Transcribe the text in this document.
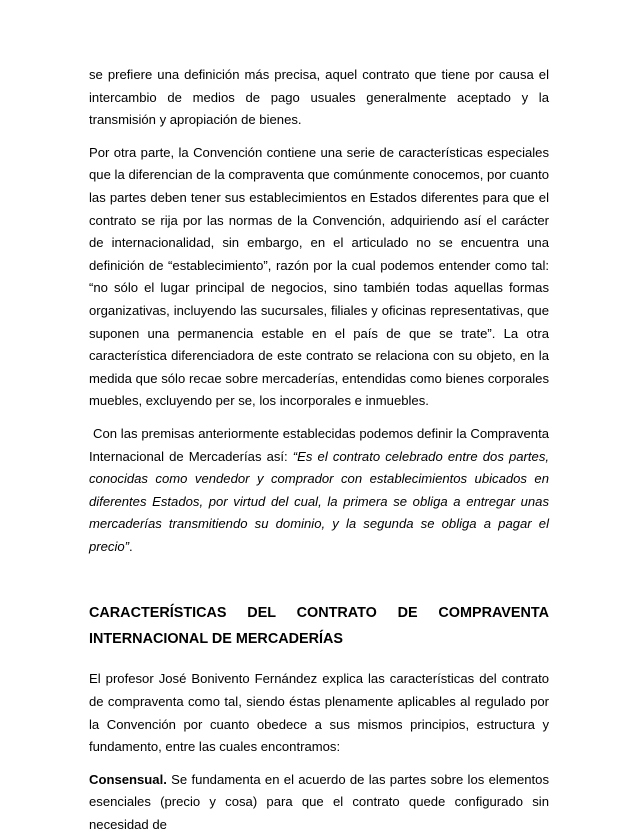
se prefiere una definición más precisa, aquel contrato que tiene por causa el intercambio de medios de pago usuales generalmente aceptado y la transmisión y apropiación de bienes.

Por otra parte, la Convención contiene una serie de características especiales que la diferencian de la compraventa que comúnmente conocemos, por cuanto las partes deben tener sus establecimientos en Estados diferentes para que el contrato se rija por las normas de la Convención, adquiriendo así el carácter de internacionalidad, sin embargo, en el articulado no se encuentra una definición de “establecimiento”, razón por la cual podemos entender como tal: “no sólo el lugar principal de negocios, sino también todas aquellas formas organizativas, incluyendo las sucursales, filiales y oficinas representativas, que suponen una permanencia estable en el país de que se trate”. La otra característica diferenciadora de este contrato se relaciona con su objeto, en la medida que sólo recae sobre mercaderías, entendidas como bienes corporales muebles, excluyendo per se, los incorporales e inmuebles.

Con las premisas anteriormente establecidas podemos definir la Compraventa Internacional de Mercaderías así: “Es el contrato celebrado entre dos partes, conocidas como vendedor y comprador con establecimientos ubicados en diferentes Estados, por virtud del cual, la primera se obliga a entregar unas mercaderías transmitiendo su dominio, y la segunda se obliga a pagar el precio”.

CARACTERÍSTICAS DEL CONTRATO DE COMPRAVENTA INTERNACIONAL DE MERCADERÍAS

El profesor José Bonivento Fernández explica las características del contrato de compraventa como tal, siendo éstas plenamente aplicables al regulado por la Convención por cuanto obedece a sus mismos principios, estructura y fundamento, entre las cuales encontramos:

Consensual. Se fundamenta en el acuerdo de las partes sobre los elementos esenciales (precio y cosa) para que el contrato quede configurado sin necesidad de
